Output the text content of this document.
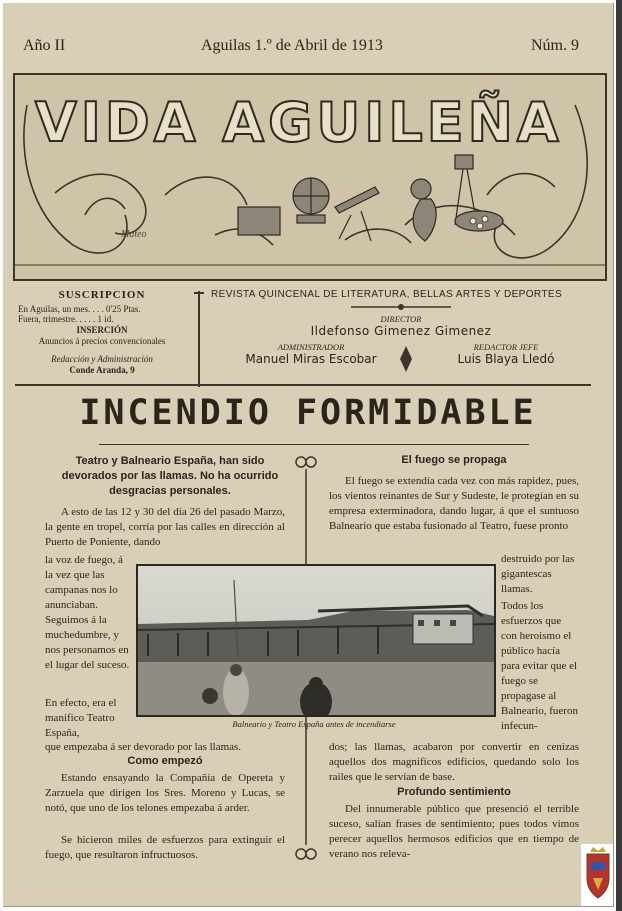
Año II	Aguilas 1.º de Abril de 1913	Núm. 9
VIDA AGUILEÑA
Mateo
SUSCRIPCION
En Aguilas, un mes. . . . 0'25 Ptas.
Fuera, trimestre. . . . . 1 id.
INSERCIÓN
Anuncios á precios convencionales
Redacción y Administración
Conde Aranda, 9
REVISTA QUINCENAL DE LITERATURA, BELLAS ARTES Y DEPORTES
DIRECTOR
Ildefonso Gimenez Gimenez
ADMINISTRADOR
Manuel Miras Escobar
REDACTOR JEFE
Luis Blaya Lledó
INCENDIO FORMIDABLE
Teatro y Balneario España, han sido devorados por las llamas. No ha ocurrido desgracias personales.
A esto de las 12 y 30 del día 26 del pasado Marzo, la gente en tropel, corría por las calles en dirección al Puerto de Poniente, dando
la voz de fuego, á la vez que las campanas nos lo anunciaban. Seguimos á la muchedumbre, y nos personamos en el lugar del suceso.
En efecto, era el manifico Teatro España,
que empezaba á ser devorado por las llamas.
Como empezó
Estando ensayando la Compañía de Opereta y Zarzuela que dirigen los Sres. Moreno y Lucas, se notó, que uno de los telones empezaba á arder.
Se hicieron miles de esfuerzos para extinguir el fuego, que resultaron infructuosos.
El fuego se propaga
El fuego se extendía cada vez con más rapidez, pues, los vientos reinantes de Sur y Sudeste, le protegían en su empresa exterminadora, dando lugar, á que el suntuoso Balneario que estaba fusionado al Teatro, fuese pronto
destruido por las gigantescas llamas.
Todos los esfuerzos que con heroismo el público hacía para evitar que el fuego se propagase al Balneario, fueron infecun-
dos; las llamas, acabaron por convertir en cenizas aquellos dos magnificos edificios, quedando solo los railes que le servían de base.
Profundo sentimiento
Del innumerable público que presenció el terrible suceso, salían frases de sentimiento; pues todos vimos perecer aquellos hermosos edificios que en tiempo de verano nos releva-
Balneario y Teatro España antes de incendiarse
